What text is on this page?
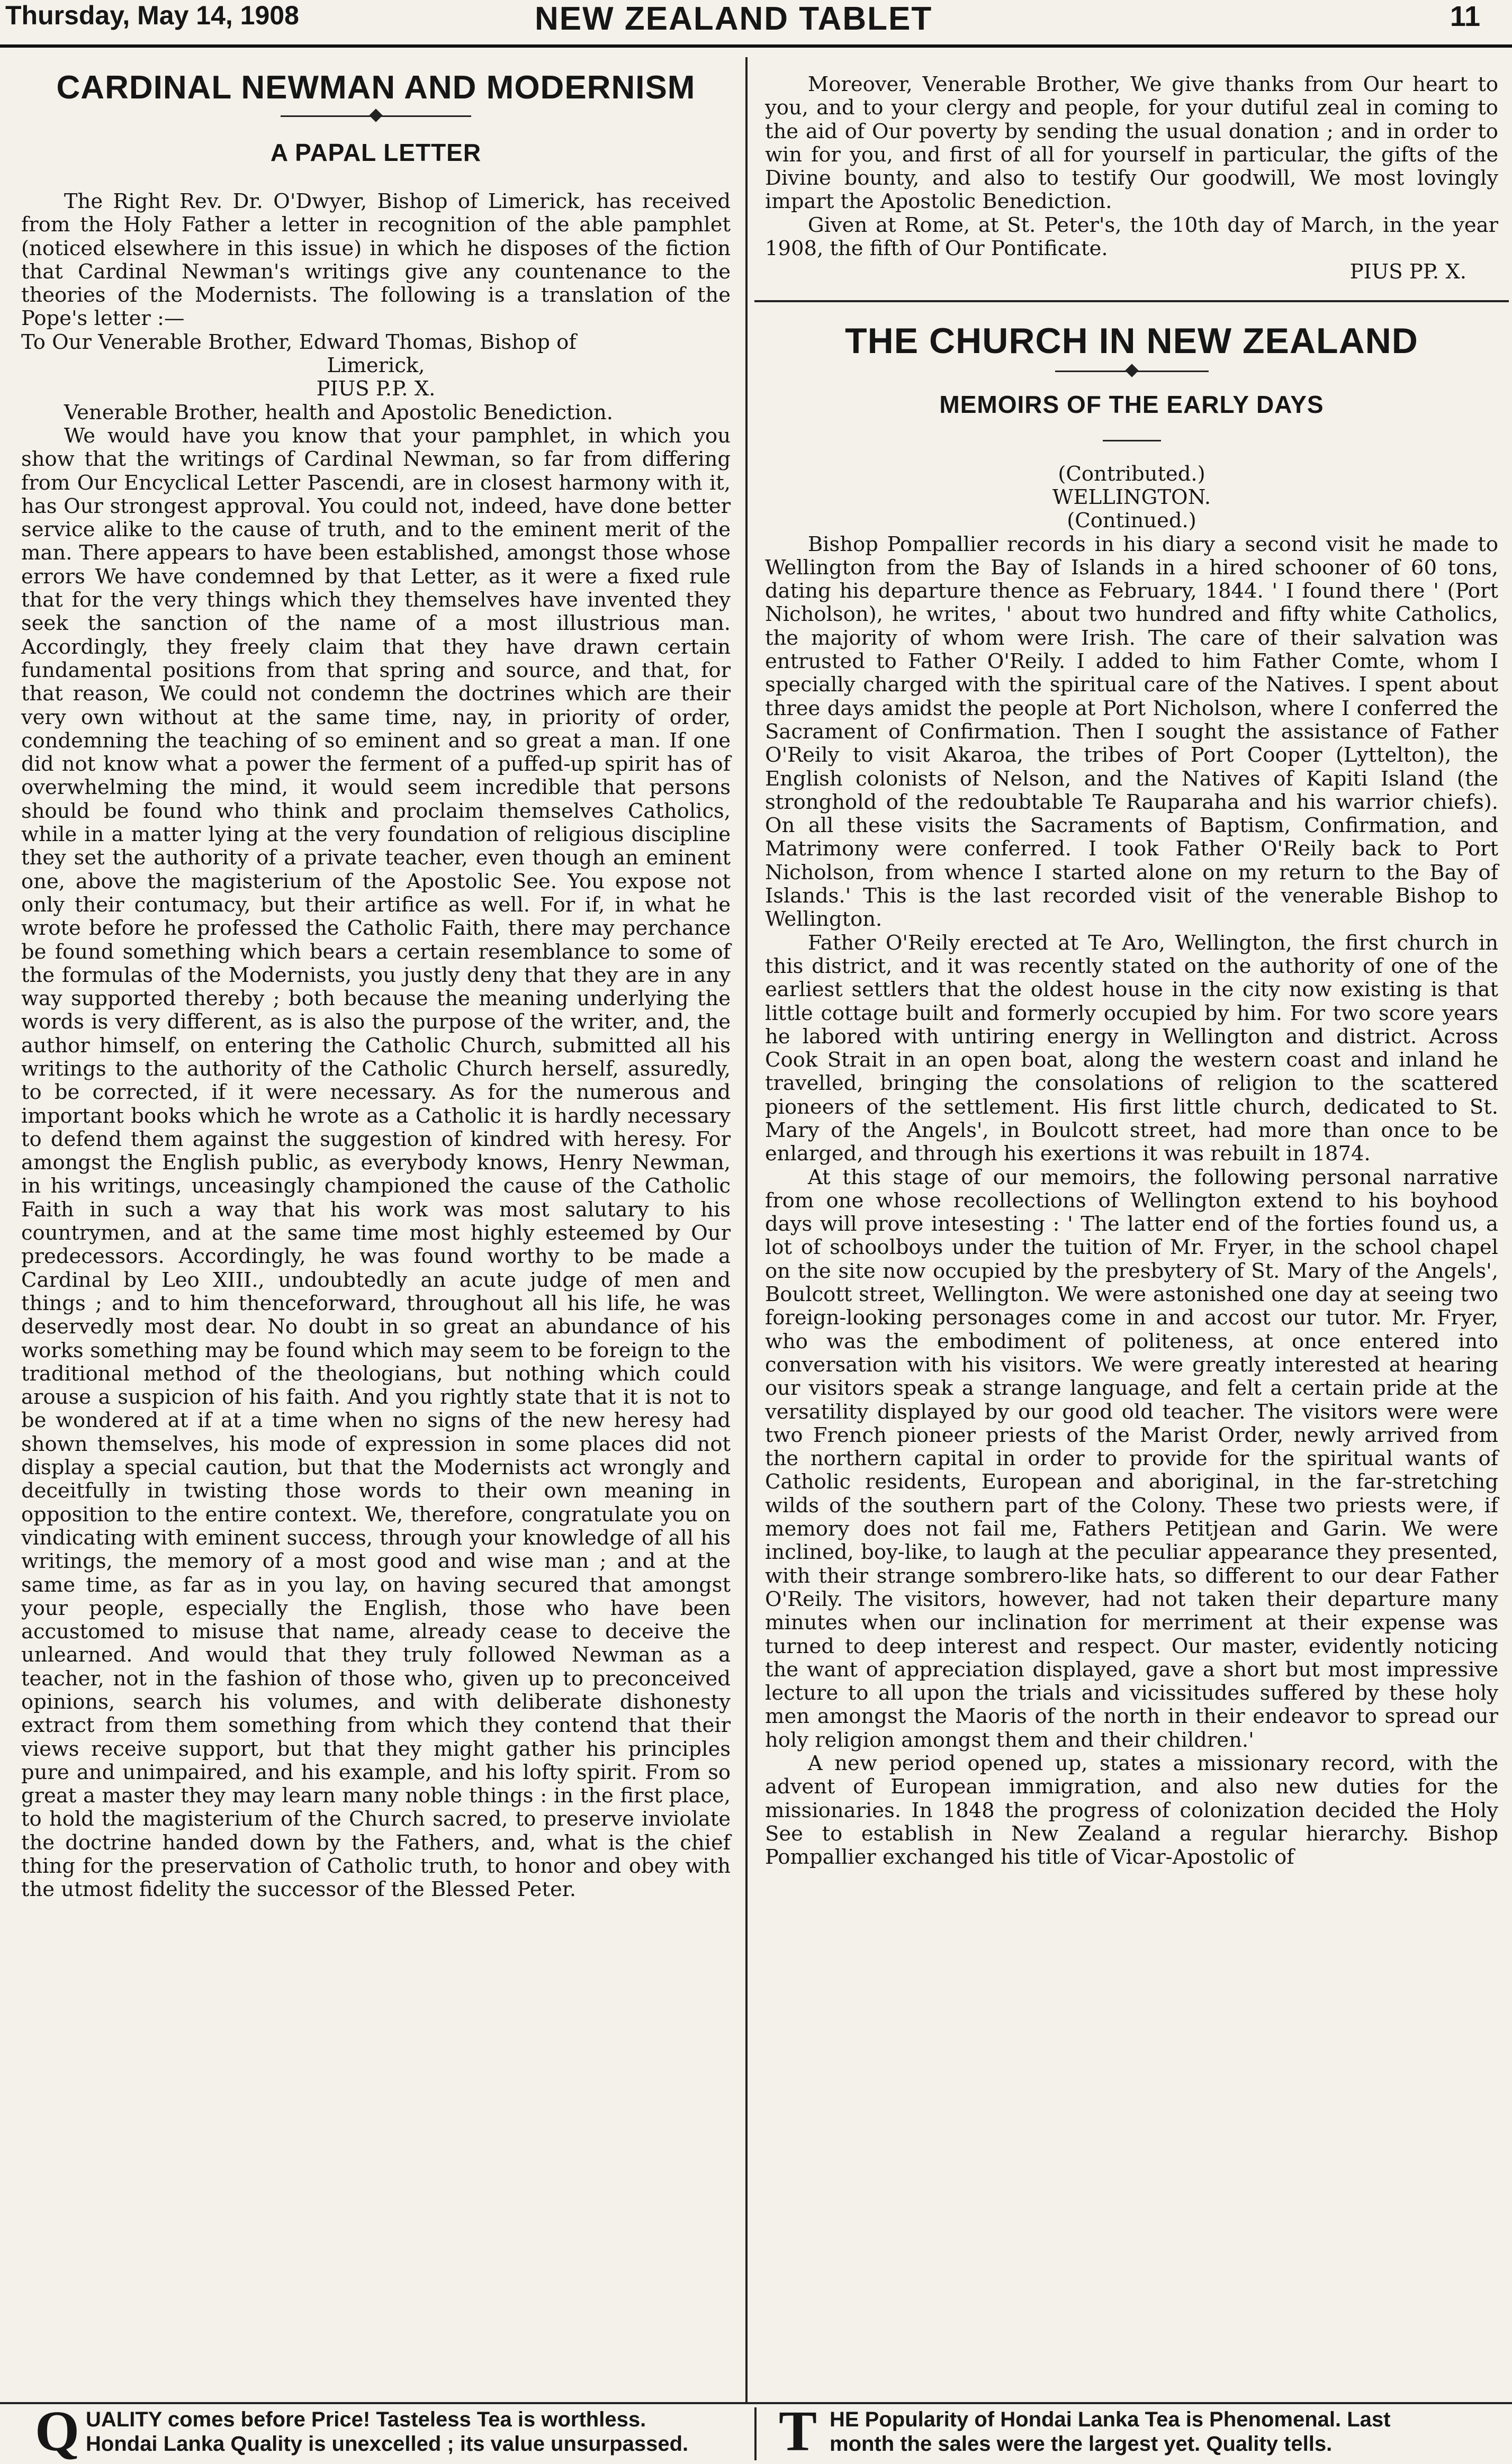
Thursday, May 14, 1908	NEW ZEALAND TABLET	11
CARDINAL NEWMAN AND MODERNISM
A PAPAL LETTER

The Right Rev. Dr. O'Dwyer, Bishop of Limerick, has received from the Holy Father a letter in recognition of the able pamphlet (noticed elsewhere in this issue) in which he disposes of the fiction that Cardinal Newman's writings give any countenance to the theories of the Modernists. The following is a translation of the Pope's letter :—

To Our Venerable Brother, Edward Thomas, Bishop of

Limerick,

PIUS P.P. X.

Venerable Brother, health and Apostolic Benediction.

We would have you know that your pamphlet, in which you show that the writings of Cardinal Newman, so far from differing from Our Encyclical Letter Pascendi, are in closest harmony with it, has Our strongest approval. You could not, indeed, have done better service alike to the cause of truth, and to the eminent merit of the man. There appears to have been established, amongst those whose errors We have condemned by that Letter, as it were a fixed rule that for the very things which they themselves have invented they seek the sanction of the name of a most illustrious man. Accordingly, they freely claim that they have drawn certain fundamental positions from that spring and source, and that, for that reason, We could not condemn the doctrines which are their very own without at the same time, nay, in priority of order, condemning the teaching of so eminent and so great a man. If one did not know what a power the ferment of a puffed-up spirit has of overwhelming the mind, it would seem incredible that persons should be found who think and proclaim themselves Catholics, while in a matter lying at the very foundation of religious discipline they set the authority of a private teacher, even though an eminent one, above the magisterium of the Apostolic See. You expose not only their contumacy, but their artifice as well. For if, in what he wrote before he professed the Catholic Faith, there may perchance be found something which bears a certain resemblance to some of the formulas of the Modernists, you justly deny that they are in any way supported thereby ; both because the meaning underlying the words is very different, as is also the purpose of the writer, and, the author himself, on entering the Catholic Church, submitted all his writings to the authority of the Catholic Church herself, assuredly, to be corrected, if it were necessary. As for the numerous and important books which he wrote as a Catholic it is hardly necessary to defend them against the suggestion of kindred with heresy. For amongst the English public, as everybody knows, Henry Newman, in his writings, unceasingly championed the cause of the Catholic Faith in such a way that his work was most salutary to his countrymen, and at the same time most highly esteemed by Our predecessors. Accordingly, he was found worthy to be made a Cardinal by Leo XIII., undoubtedly an acute judge of men and things ; and to him thenceforward, throughout all his life, he was deservedly most dear. No doubt in so great an abundance of his works something may be found which may seem to be foreign to the traditional method of the theologians, but nothing which could arouse a suspicion of his faith. And you rightly state that it is not to be wondered at if at a time when no signs of the new heresy had shown themselves, his mode of expression in some places did not display a special caution, but that the Modernists act wrongly and deceitfully in twisting those words to their own meaning in opposition to the entire context. We, therefore, congratulate you on vindicating with eminent success, through your knowledge of all his writings, the memory of a most good and wise man ; and at the same time, as far as in you lay, on having secured that amongst your people, especially the English, those who have been accustomed to misuse that name, already cease to deceive the unlearned. And would that they truly followed Newman as a teacher, not in the fashion of those who, given up to preconceived opinions, search his volumes, and with deliberate dishonesty extract from them something from which they contend that their views receive support, but that they might gather his principles pure and unimpaired, and his example, and his lofty spirit. From so great a master they may learn many noble things : in the first place, to hold the magisterium of the Church sacred, to preserve inviolate the doctrine handed down by the Fathers, and, what is the chief thing for the preservation of Catholic truth, to honor and obey with the utmost fidelity the successor of the Blessed Peter.

Moreover, Venerable Brother, We give thanks from Our heart to you, and to your clergy and people, for your dutiful zeal in coming to the aid of Our poverty by sending the usual donation ; and in order to win for you, and first of all for yourself in particular, the gifts of the Divine bounty, and also to testify Our goodwill, We most lovingly impart the Apostolic Benediction.

Given at Rome, at St. Peter's, the 10th day of March, in the year 1908, the fifth of Our Pontificate.

PIUS PP. X.

THE CHURCH IN NEW ZEALAND
MEMOIRS OF THE EARLY DAYS

(Contributed.)

WELLINGTON.

(Continued.)

Bishop Pompallier records in his diary a second visit he made to Wellington from the Bay of Islands in a hired schooner of 60 tons, dating his departure thence as February, 1844. ' I found there ' (Port Nicholson), he writes, ' about two hundred and fifty white Catholics, the majority of whom were Irish. The care of their salvation was entrusted to Father O'Reily. I added to him Father Comte, whom I specially charged with the spiritual care of the Natives. I spent about three days amidst the people at Port Nicholson, where I conferred the Sacrament of Confirmation. Then I sought the assistance of Father O'Reily to visit Akaroa, the tribes of Port Cooper (Lyttelton), the English colonists of Nelson, and the Natives of Kapiti Island (the stronghold of the redoubtable Te Rauparaha and his warrior chiefs). On all these visits the Sacraments of Baptism, Confirmation, and Matrimony were conferred. I took Father O'Reily back to Port Nicholson, from whence I started alone on my return to the Bay of Islands.' This is the last recorded visit of the venerable Bishop to Wellington.

Father O'Reily erected at Te Aro, Wellington, the first church in this district, and it was recently stated on the authority of one of the earliest settlers that the oldest house in the city now existing is that little cottage built and formerly occupied by him. For two score years he labored with untiring energy in Wellington and district. Across Cook Strait in an open boat, along the western coast and inland he travelled, bringing the consolations of religion to the scattered pioneers of the settlement. His first little church, dedicated to St. Mary of the Angels', in Boulcott street, had more than once to be enlarged, and through his exertions it was rebuilt in 1874.

At this stage of our memoirs, the following personal narrative from one whose recollections of Wellington extend to his boyhood days will prove intesesting : ' The latter end of the forties found us, a lot of schoolboys under the tuition of Mr. Fryer, in the school chapel on the site now occupied by the presbytery of St. Mary of the Angels', Boulcott street, Wellington. We were astonished one day at seeing two foreign-looking personages come in and accost our tutor. Mr. Fryer, who was the embodiment of politeness, at once entered into conversation with his visitors. We were greatly interested at hearing our visitors speak a strange language, and felt a certain pride at the versatility displayed by our good old teacher. The visitors were were two French pioneer priests of the Marist Order, newly arrived from the northern capital in order to provide for the spiritual wants of Catholic residents, European and aboriginal, in the far-stretching wilds of the southern part of the Colony. These two priests were, if memory does not fail me, Fathers Petitjean and Garin. We were inclined, boy-like, to laugh at the peculiar appearance they presented, with their strange sombrero-like hats, so different to our dear Father O'Reily. The visitors, however, had not taken their departure many minutes when our inclination for merriment at their expense was turned to deep interest and respect. Our master, evidently noticing the want of appreciation displayed, gave a short but most impressive lecture to all upon the trials and vicissitudes suffered by these holy men amongst the Maoris of the north in their endeavor to spread our holy religion amongst them and their children.'

A new period opened up, states a missionary record, with the advent of European immigration, and also new duties for the missionaries. In 1848 the progress of colonization decided the Holy See to establish in New Zealand a regular hierarchy. Bishop Pompallier exchanged his title of Vicar-Apostolic of

Q UALITY comes before Price! Tasteless Tea is worthless.
Hondai Lanka Quality is unexcelled ; its value unsurpassed.	T HE Popularity of Hondai Lanka Tea is Phenomenal. Last
month the sales were the largest yet. Quality tells.
